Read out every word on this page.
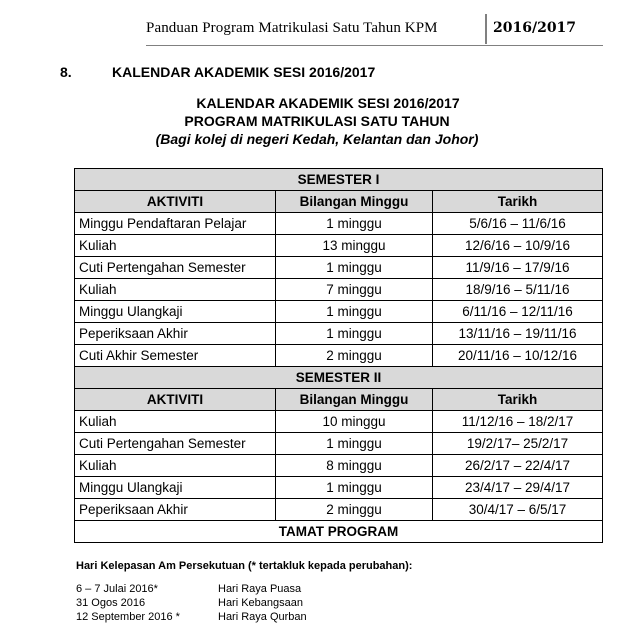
Panduan Program Matrikulasi Satu Tahun KPM	2016/2017
8.	KALENDAR AKADEMIK SESI 2016/2017
KALENDAR AKADEMIK SESI 2016/2017
PROGRAM MATRIKULASI SATU TAHUN
(Bagi kolej di negeri Kedah, Kelantan dan Johor)
SEMESTER I		
AKTIVITI	Bilangan Minggu	Tarikh
Minggu Pendaftaran Pelajar	1 minggu	5/6/16 – 11/6/16
Kuliah	13 minggu	12/6/16 – 10/9/16
Cuti Pertengahan Semester	1 minggu	11/9/16 – 17/9/16
Kuliah	7 minggu	18/9/16 – 5/11/16
Minggu Ulangkaji	1 minggu	6/11/16 – 12/11/16
Peperiksaan Akhir	1 minggu	13/11/16 – 19/11/16
Cuti Akhir Semester	2 minggu	20/11/16 – 10/12/16
SEMESTER II		
AKTIVITI	Bilangan Minggu	Tarikh
Kuliah	10 minggu	11/12/16 – 18/2/17
Cuti Pertengahan Semester	1 minggu	19/2/17– 25/2/17
Kuliah	8 minggu	26/2/17 – 22/4/17
Minggu Ulangkaji	1 minggu	23/4/17 – 29/4/17
Peperiksaan Akhir	2 minggu	30/4/17 – 6/5/17
TAMAT PROGRAM		
Hari Kelepasan Am Persekutuan (* tertakluk kepada perubahan):
6 – 7 Julai 2016*	Hari Raya Puasa
31 Ogos 2016	Hari Kebangsaan
12 September 2016 *	Hari Raya Qurban
